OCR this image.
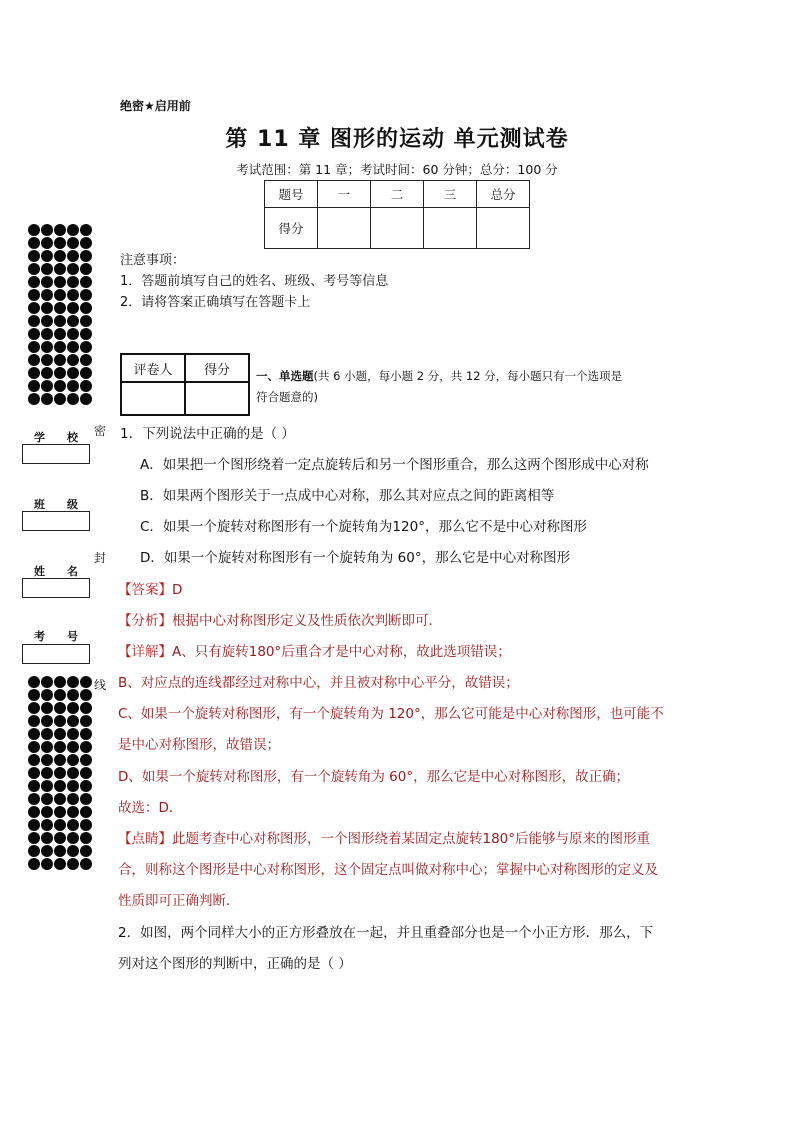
绝密★启用前
第 11 章 图形的运动 单元测试卷
考试范围：第 11 章；考试时间：60 分钟；总分：100 分
题号	一	二	三	总分
得分				
注意事项：
1．答题前填写自己的姓名、班级、考号等信息
2．请将答案正确填写在答题卡上
评卷人	得分
	一、单选题(共 6 小题，每小题 2 分，共 12 分，每小题只有一个选项是
符合题意的)
1．下列说法中正确的是（ ）
A．如果把一个图形绕着一定点旋转后和另一个图形重合，那么这两个图形成中心对称
B．如果两个图形关于一点成中心对称，那么其对应点之间的距离相等
C．如果一个旋转对称图形有一个旋转角为120°，那么它不是中心对称图形
D．如果一个旋转对称图形有一个旋转角为 60°，那么它是中心对称图形
【答案】D
【分析】根据中心对称图形定义及性质依次判断即可．
【详解】A、只有旋转180°后重合才是中心对称，故此选项错误；
B、对应点的连线都经过对称中心，并且被对称中心平分，故错误；
C、如果一个旋转对称图形，有一个旋转角为 120°，那么它可能是中心对称图形，也可能不
是中心对称图形，故错误；
D、如果一个旋转对称图形，有一个旋转角为 60°，那么它是中心对称图形，故正确；
故选：D．
【点睛】此题考查中心对称图形，一个图形绕着某固定点旋转180°后能够与原来的图形重
合，则称这个图形是中心对称图形，这个固定点叫做对称中心；掌握中心对称图形的定义及
性质即可正确判断．
2．如图，两个同样大小的正方形叠放在一起，并且重叠部分也是一个小正方形．那么，下
列对这个图形的判断中，正确的是（ ）
密
封
线
学 校
班 级
姓 名
考 号
